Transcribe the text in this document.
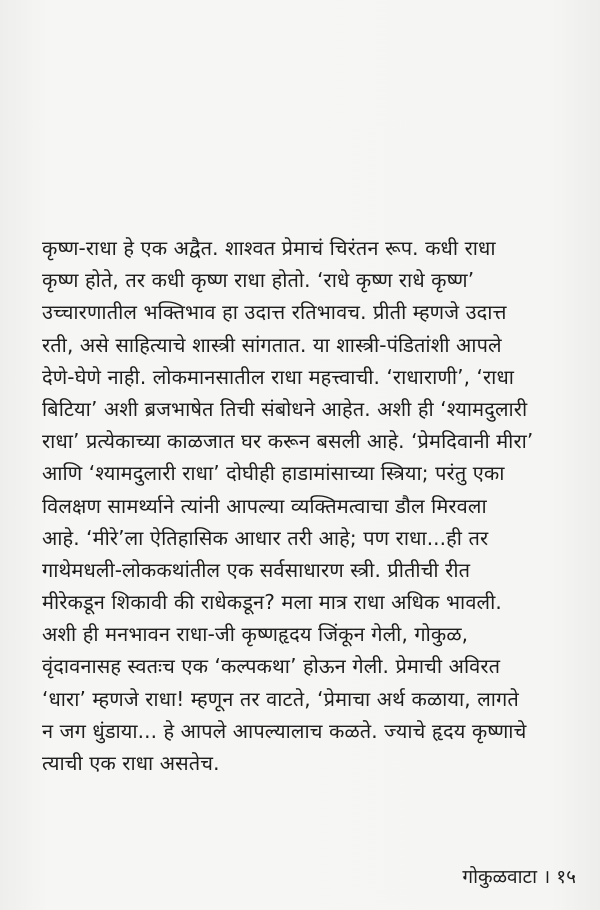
कृष्ण-राधा हे एक अद्वैत. शाश्वत प्रेमाचं चिरंतन रूप. कधी राधा
कृष्ण होते, तर कधी कृष्ण राधा होतो. ‘राधे कृष्ण राधे कृष्ण’
उच्चारणातील भक्तिभाव हा उदात्त रतिभावच. प्रीती म्हणजे उदात्त
रती, असे साहित्याचे शास्त्री सांगतात. या शास्त्री-पंडितांशी आपले
देणे-घेणे नाही. लोकमानसातील राधा महत्त्वाची. ‘राधाराणी’, ‘राधा
बिटिया’ अशी ब्रजभाषेत तिची संबोधने आहेत. अशी ही ‘श्यामदुलारी
राधा’ प्रत्येकाच्या काळजात घर करून बसली आहे. ‘प्रेमदिवानी मीरा’
आणि ‘श्यामदुलारी राधा’ दोघीही हाडामांसाच्या स्त्रिया; परंतु एका
विलक्षण सामर्थ्याने त्यांनी आपल्या व्यक्तिमत्वाचा डौल मिरवला
आहे. ‘मीरे’ला ऐतिहासिक आधार तरी आहे; पण राधा...ही तर
गाथेमधली-लोककथांतील एक सर्वसाधारण स्त्री. प्रीतीची रीत
मीरेकडून शिकावी की राधेकडून? मला मात्र राधा अधिक भावली.
अशी ही मनभावन राधा-जी कृष्णहृदय जिंकून गेली, गोकुळ,
वृंदावनासह स्वतःच एक ‘कल्पकथा’ होऊन गेली. प्रेमाची अविरत
‘धारा’ म्हणजे राधा! म्हणून तर वाटते, ‘प्रेमाचा अर्थ कळाया, लागते
न जग धुंडाया... हे आपले आपल्यालाच कळते. ज्याचे हृदय कृष्णाचे
त्याची एक राधा असतेच.
गोकुळवाटा । १५
